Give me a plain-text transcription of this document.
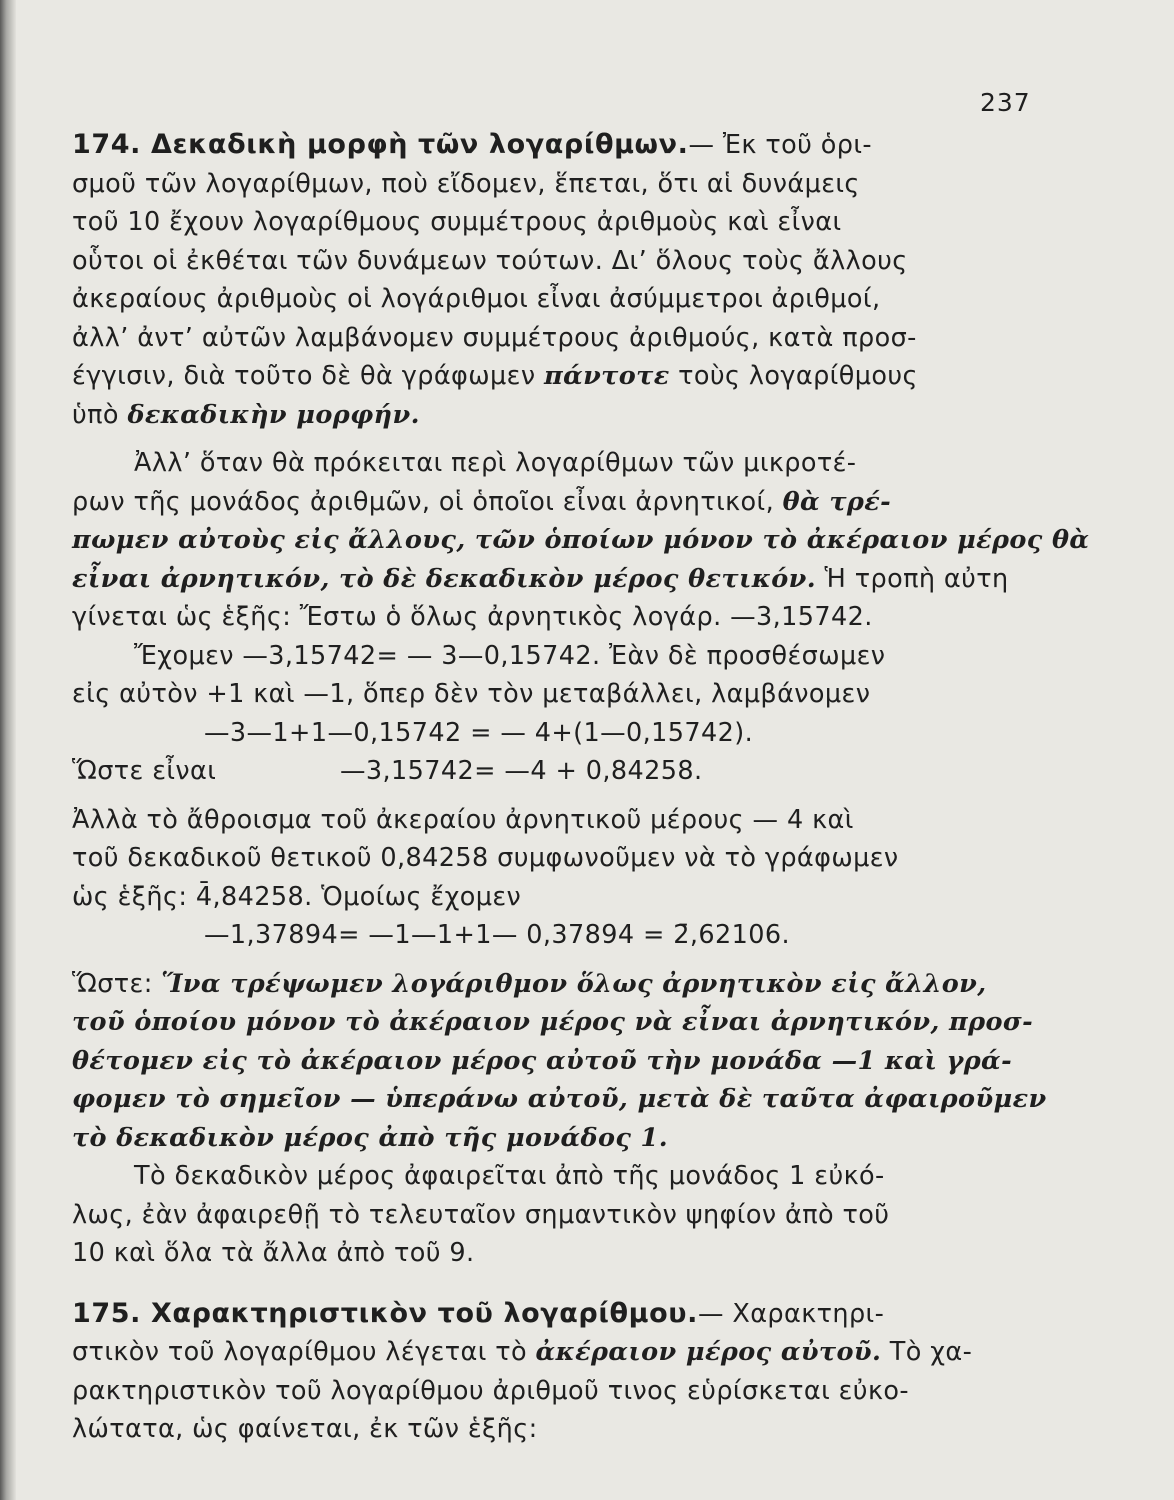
237
174. Δεκαδικὴ μορφὴ τῶν λογαρίθμων.— Ἐκ τοῦ ὁρι-
σμοῦ τῶν λογαρίθμων, ποὺ εἴδομεν, ἕπεται, ὅτι αἱ δυνάμεις
τοῦ 10 ἔχουν λογαρίθμους συμμέτρους ἀριθμοὺς καὶ εἶναι
οὗτοι οἱ ἐκθέται τῶν δυνάμεων τούτων. Δι’ ὅλους τοὺς ἄλλους
ἀκεραίους ἀριθμοὺς οἱ λογάριθμοι εἶναι ἀσύμμετροι ἀριθμοί,
ἀλλ’ ἀντ’ αὐτῶν λαμβάνομεν συμμέτρους ἀριθμούς, κατὰ προσ-
έγγισιν, διὰ τοῦτο δὲ θὰ γράφωμεν πάντοτε τοὺς λογαρίθμους
ὑπὸ δεκαδικὴν μορφήν.
Ἀλλ’ ὅταν θὰ πρόκειται περὶ λογαρίθμων τῶν μικροτέ-
ρων τῆς μονάδος ἀριθμῶν, οἱ ὁποῖοι εἶναι ἀρνητικοί, θὰ τρέ-
πωμεν αὐτοὺς εἰς ἄλλους, τῶν ὁποίων μόνον τὸ ἀκέραιον μέρος θὰ
εἶναι ἀρνητικόν, τὸ δὲ δεκαδικὸν μέρος θετικόν. Ἡ τροπὴ αὐτη
γίνεται ὡς ἑξῆς: Ἔστω ὁ ὅλως ἀρνητικὸς λογάρ. —3,15742.
Ἔχομεν —3,15742= — 3—0,15742. Ἐὰν δὲ προσθέσωμεν
εἰς αὐτὸν +1 καὶ —1, ὅπερ δὲν τὸν μεταβάλλει, λαμβάνομεν
—3—1+1—0,15742 = — 4+(1—0,15742).
Ὥστε εἶναι	—3,15742= —4 + 0,84258.
Ἀλλὰ τὸ ἄθροισμα τοῦ ἀκεραίου ἀρνητικοῦ μέρους — 4 καὶ
τοῦ δεκαδικοῦ θετικοῦ 0,84258 συμφωνοῦμεν νὰ τὸ γράφωμεν
ὡς ἑξῆς: 4̄,84258. Ὁμοίως ἔχομεν
—1,37894= —1—1+1— 0,37894 = 2̄,62106.
Ὥστε: Ἵνα τρέψωμεν λογάριθμον ὅλως ἀρνητικὸν εἰς ἄλλον,
τοῦ ὁποίου μόνον τὸ ἀκέραιον μέρος νὰ εἶναι ἀρνητικόν, προσ-
θέτομεν εἰς τὸ ἀκέραιον μέρος αὐτοῦ τὴν μονάδα —1 καὶ γρά-
φομεν τὸ σημεῖον — ὑπεράνω αὐτοῦ, μετὰ δὲ ταῦτα ἀφαιροῦμεν
τὸ δεκαδικὸν μέρος ἀπὸ τῆς μονάδος 1.
Τὸ δεκαδικὸν μέρος ἀφαιρεῖται ἀπὸ τῆς μονάδος 1 εὐκό-
λως, ἐὰν ἀφαιρεθῇ τὸ τελευταῖον σημαντικὸν ψηφίον ἀπὸ τοῦ
10 καὶ ὅλα τὰ ἄλλα ἀπὸ τοῦ 9.
175. Χαρακτηριστικὸν τοῦ λογαρίθμου.— Χαρακτηρι-
στικὸν τοῦ λογαρίθμου λέγεται τὸ ἀκέραιον μέρος αὐτοῦ. Τὸ χα-
ρακτηριστικὸν τοῦ λογαρίθμου ἀριθμοῦ τινος εὑρίσκεται εὐκο-
λώτατα, ὡς φαίνεται, ἐκ τῶν ἑξῆς:
